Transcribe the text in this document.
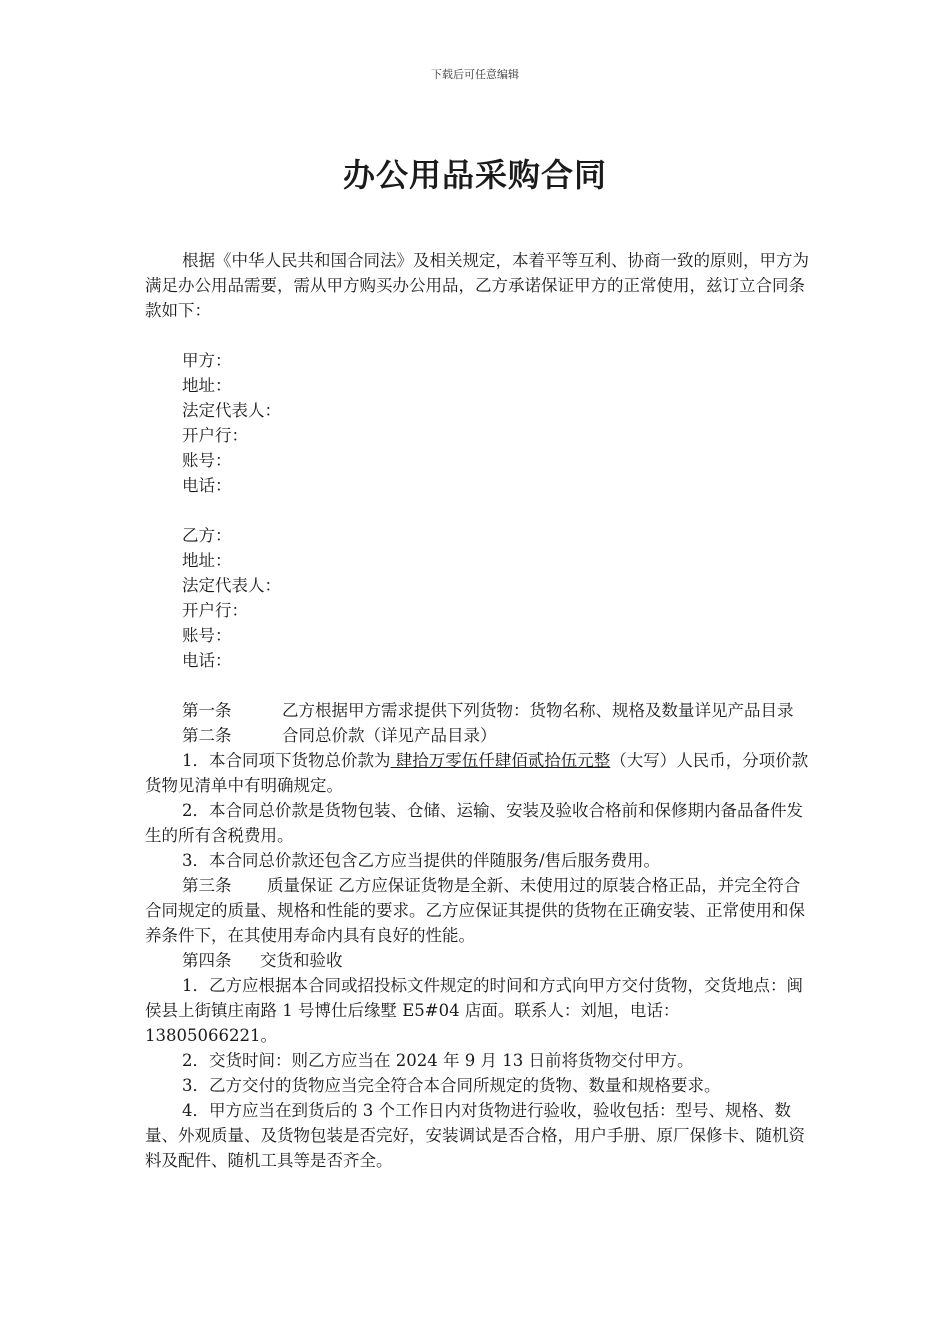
下载后可任意编辑
办公用品采购合同

根据《中华人民共和国合同法》及相关规定，本着平等互利、协商一致的原则，甲方为满足办公用品需要，需从甲方购买办公用品，乙方承诺保证甲方的正常使用，兹订立合同条款如下：

甲方：

地址：

法定代表人：

开户行：

账号：

电话：

乙方：

地址：

法定代表人：

开户行：

账号：

电话：

第一条	乙方根据甲方需求提供下列货物：货物名称、规格及数量详见产品目录

第二条	合同总价款（详见产品目录）

1．本合同项下货物总价款为 肆拾万零伍仟肆佰贰拾伍元整（大写）人民币，分项价款货物见清单中有明确规定。

2．本合同总价款是货物包装、仓储、运输、安装及验收合格前和保修期内备品备件发生的所有含税费用。

3．本合同总价款还包含乙方应当提供的伴随服务/售后服务费用。

第三条 质量保证 乙方应保证货物是全新、未使用过的原装合格正品，并完全符合合同规定的质量、规格和性能的要求。乙方应保证其提供的货物在正确安装、正常使用和保养条件下，在其使用寿命内具有良好的性能。

第四条 交货和验收

1．乙方应根据本合同或招投标文件规定的时间和方式向甲方交付货物，交货地点：闽侯县上街镇庄南路 1 号博仕后缘墅 E5#04 店面。联系人：刘旭，电话：13805066221。

2．交货时间：则乙方应当在 2024 年 9 月 13 日前将货物交付甲方。

3．乙方交付的货物应当完全符合本合同所规定的货物、数量和规格要求。

4．甲方应当在到货后的 3 个工作日内对货物进行验收，验收包括：型号、规格、数量、外观质量、及货物包装是否完好，安装调试是否合格，用户手册、原厂保修卡、随机资料及配件、随机工具等是否齐全。
